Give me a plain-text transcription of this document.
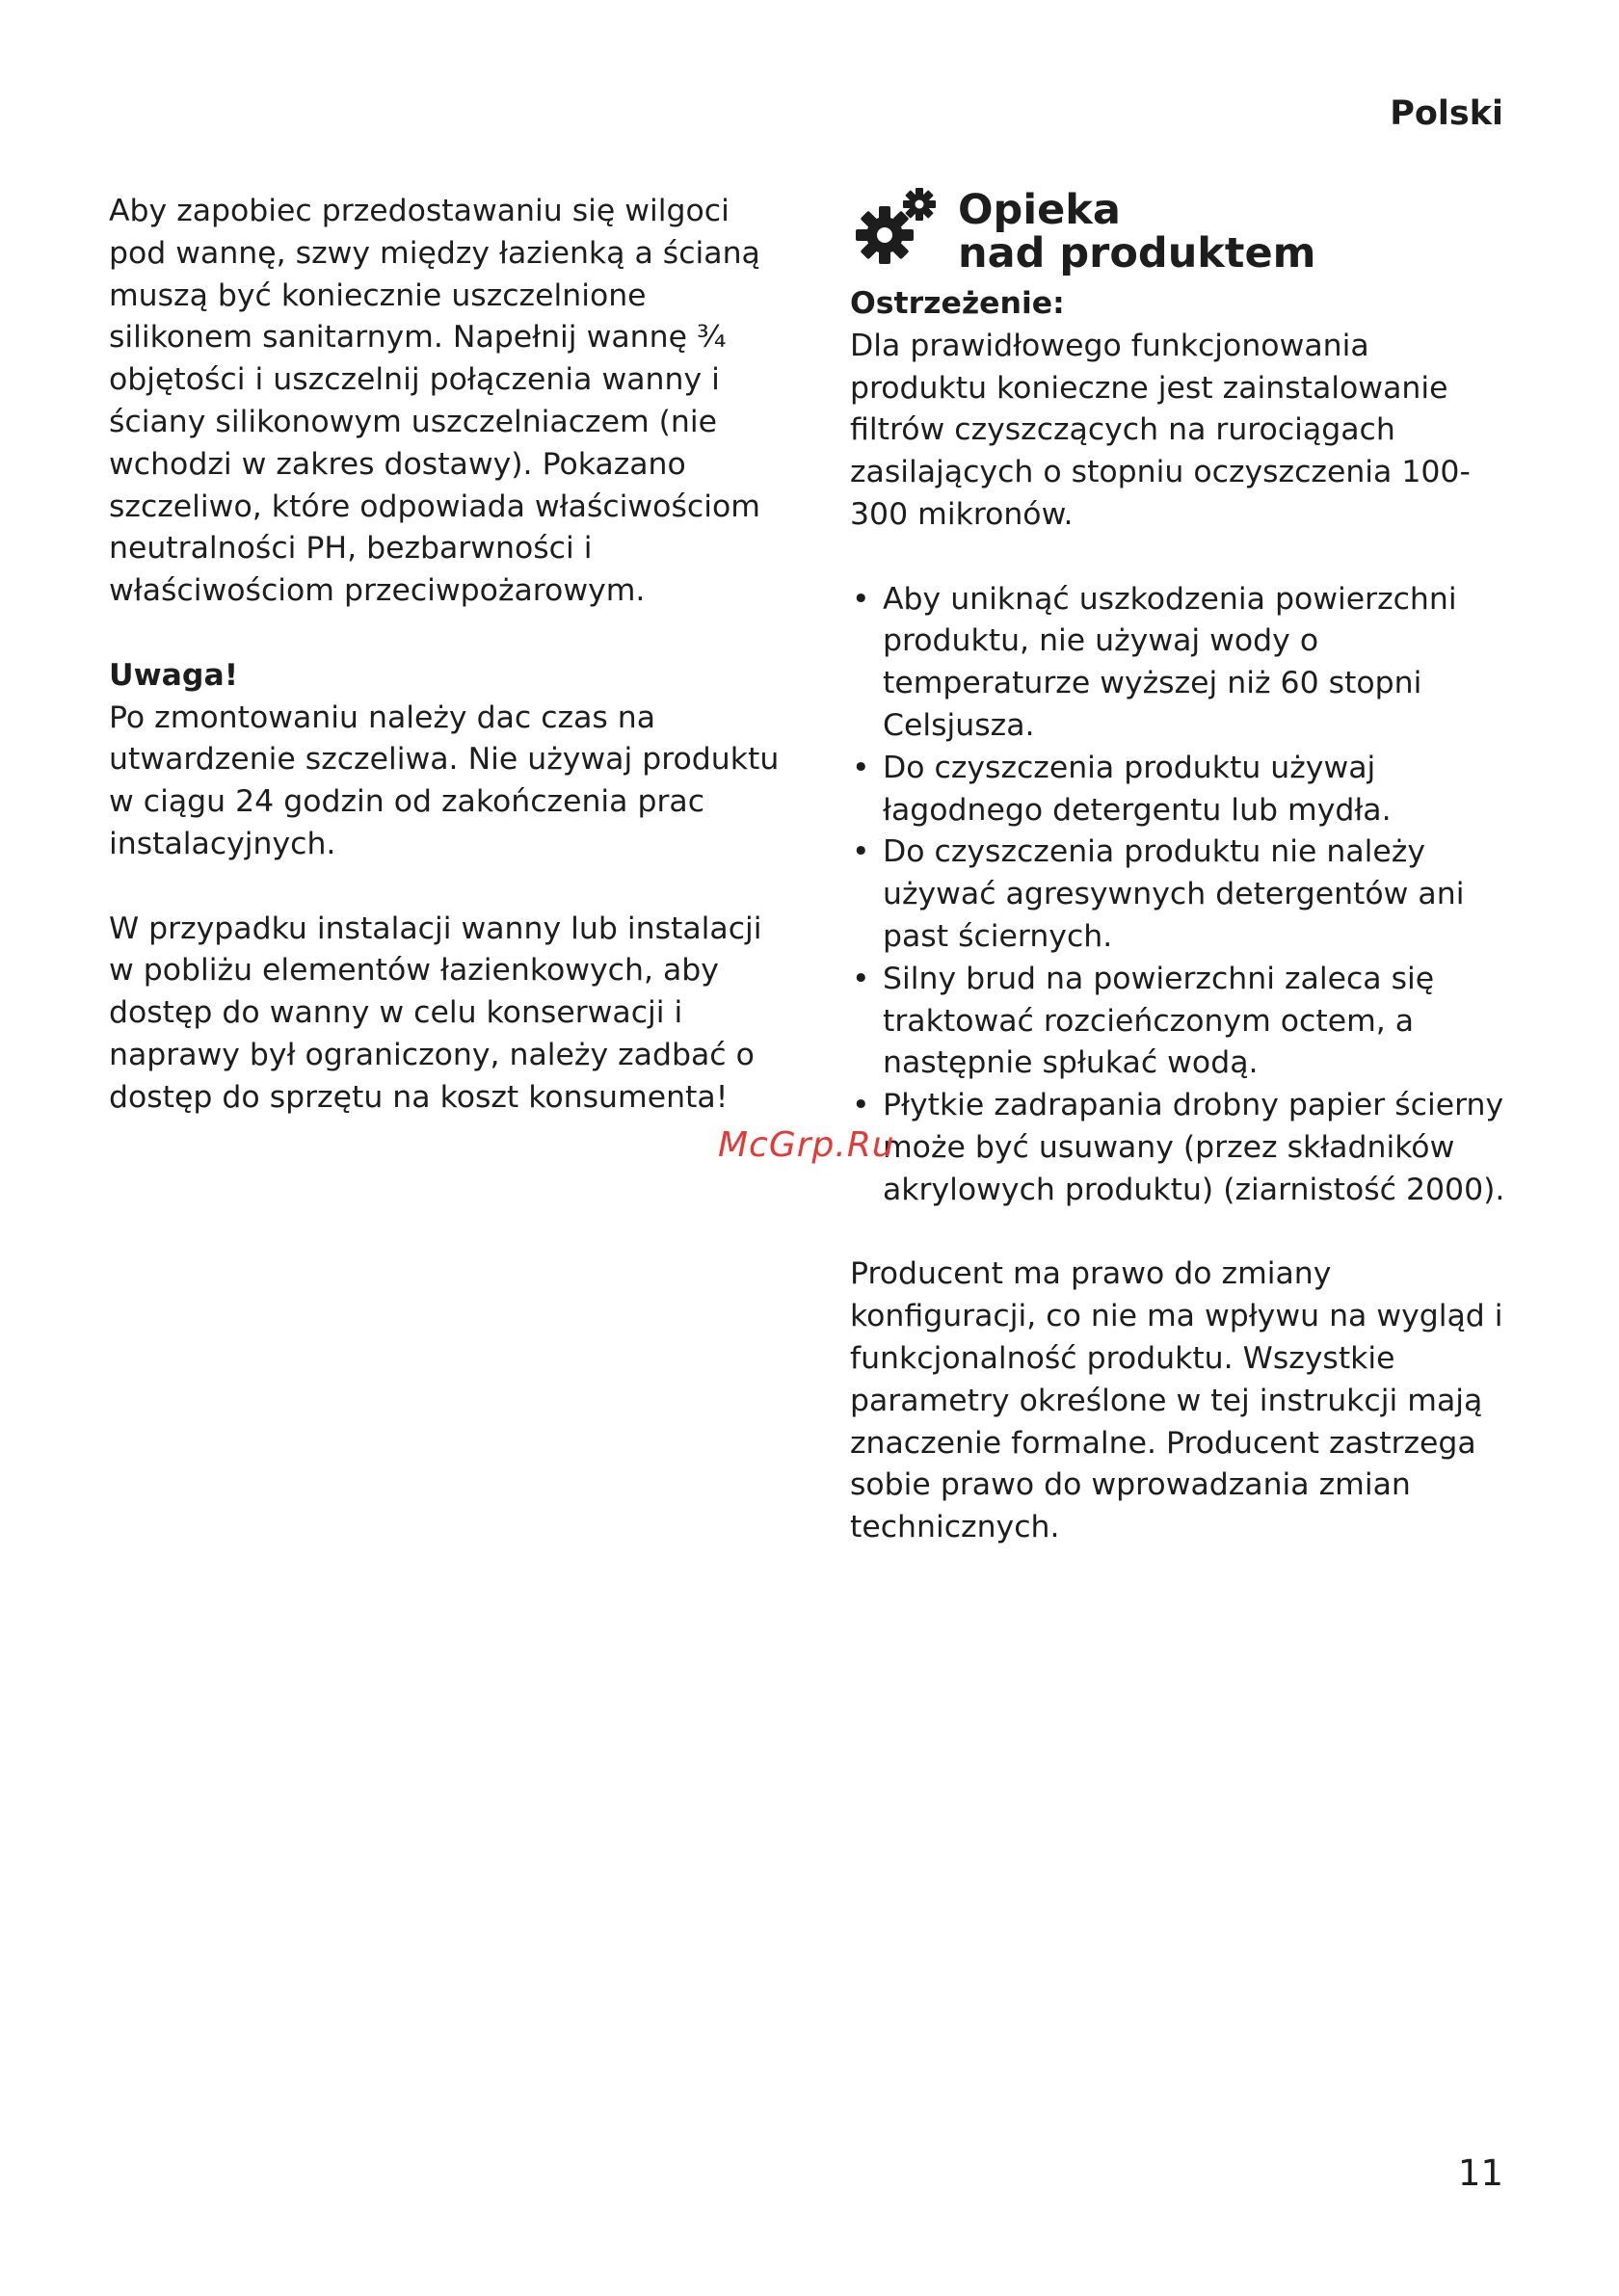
Polski

Aby zapobiec przedostawaniu się wilgoci pod wannę, szwy między łazienką a ścianą muszą być koniecznie uszczelnione silikonem sanitarnym. Napełnij wannę ¾ objętości i uszczelnij połączenia wanny i ściany silikonowym uszczelniaczem (nie wchodzi w zakres dostawy). Pokazano szczeliwo, które odpowiada właściwościom neutralności PH, bezbarwności i właściwościom przeciwpożarowym.

Uwaga!

Po zmontowaniu należy dac czas na utwardzenie szczeliwa. Nie używaj produktu w ciągu 24 godzin od zakończenia prac instalacyjnych.

W przypadku instalacji wanny lub instalacji w pobliżu elementów łazienkowych, aby dostęp do wanny w celu konserwacji i naprawy był ograniczony, należy zadbać o dostęp do sprzętu na koszt konsumenta!

Opieka
nad produktem

Ostrzeżenie:

Dla prawidłowego funkcjonowania produktu konieczne jest zainstalowanie filtrów czyszczących na rurociągach zasilających o stopniu oczyszczenia 100-300 mikronów.

• Aby uniknąć uszkodzenia powierzchni produktu, nie używaj wody o temperaturze wyższej niż 60 stopni Celsjusza.
• Do czyszczenia produktu używaj łagodnego detergentu lub mydła.
• Do czyszczenia produktu nie należy używać agresywnych detergentów ani past ściernych.
• Silny brud na powierzchni zaleca się traktować rozcieńczonym octem, a następnie spłukać wodą.
• Płytkie zadrapania drobny papier ścierny może być usuwany (przez składników akrylowych produktu) (ziarnistość 2000).

Producent ma prawo do zmiany konfiguracji, co nie ma wpływu na wygląd i funkcjonalność produktu. Wszystkie parametry określone w tej instrukcji mają znaczenie formalne. Producent zastrzega sobie prawo do wprowadzania zmian technicznych.

McGrp.Ru
11
